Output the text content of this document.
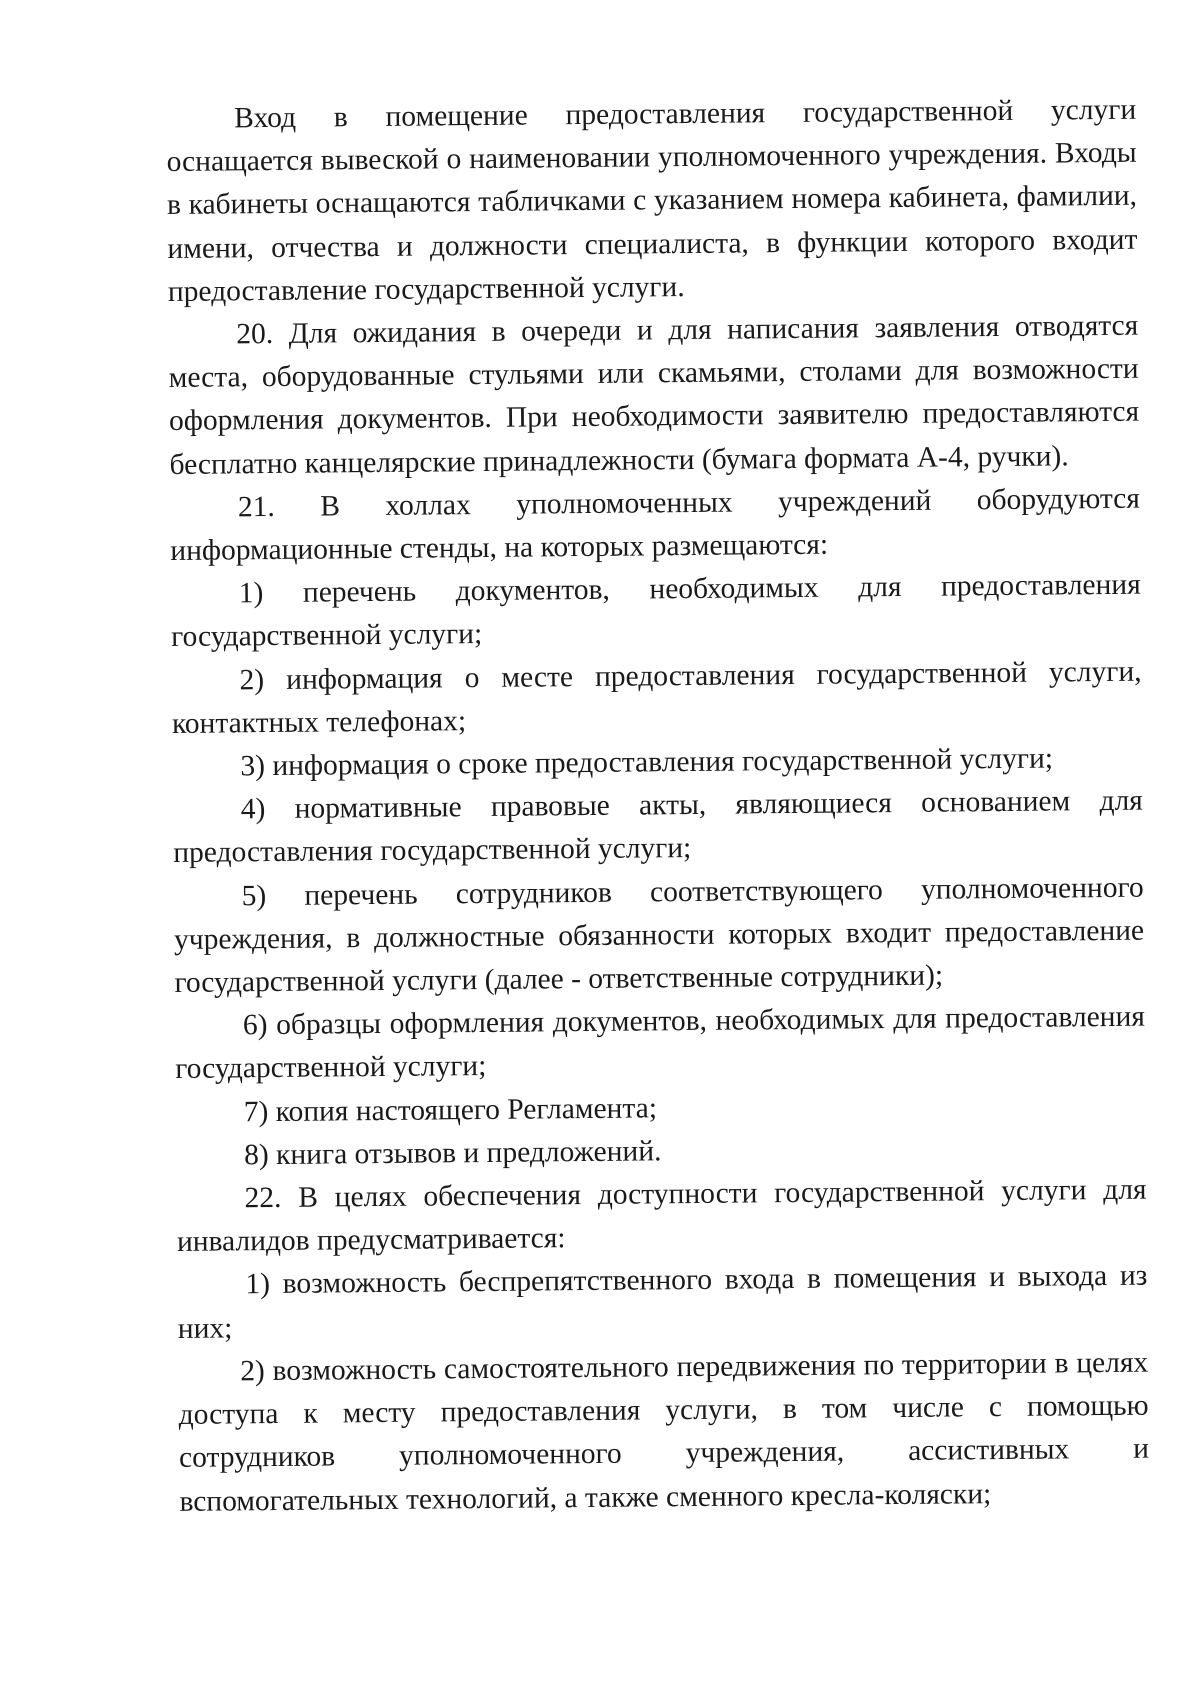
Вход в помещение предоставления государственной услуги оснащается вывеской о наименовании уполномоченного учреждения. Входы в кабинеты оснащаются табличками с указанием номера кабинета, фамилии, имени, отчества и должности специалиста, в функции которого входит предоставление государственной услуги.

20. Для ожидания в очереди и для написания заявления отводятся места, оборудованные стульями или скамьями, столами для возможности оформления документов. При необходимости заявителю предоставляются бесплатно канцелярские принадлежности (бумага формата А-4, ручки).

21. В холлах уполномоченных учреждений оборудуются информационные стенды, на которых размещаются:

1) перечень документов, необходимых для предоставления государственной услуги;

2) информация о месте предоставления государственной услуги, контактных телефонах;

3) информация о сроке предоставления государственной услуги;

4) нормативные правовые акты, являющиеся основанием для предоставления государственной услуги;

5) перечень сотрудников соответствующего уполномоченного учреждения, в должностные обязанности которых входит предоставление государственной услуги (далее - ответственные сотрудники);

6) образцы оформления документов, необходимых для предоставления государственной услуги;

7) копия настоящего Регламента;

8) книга отзывов и предложений.

22. В целях обеспечения доступности государственной услуги для инвалидов предусматривается:

1) возможность беспрепятственного входа в помещения и выхода из них;

2) возможность самостоятельного передвижения по территории в целях доступа к месту предоставления услуги, в том числе с помощью сотрудников уполномоченного учреждения, ассистивных и вспомогательных технологий, а также сменного кресла-коляски;
